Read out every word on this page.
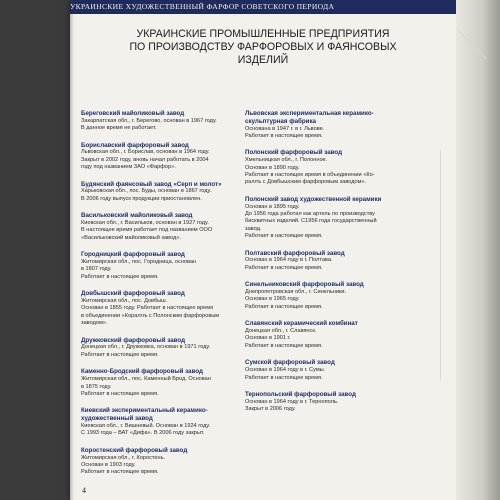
УКРАИНСКИЕ ХУДОЖЕСТВЕННЫЙ ФАРФОР СОВЕТСКОГО ПЕРИОДА
УКРАИНСКИЕ ПРОМЫШЛЕННЫЕ ПРЕДПРИЯТИЯ
ПО ПРОИЗВОДСТВУ ФАРФОРОВЫХ И ФАЯНСОВЫХ
ИЗДЕЛИЙ
Береговский майоликовый завод
Закарпатская обл., г. Берегово, основан в 1967 году.
В данное время не работает.
Бориславский фарфоровый завод
Львовская обл., г. Борислав, основан в 1964 году.
Закрыт в 2002 году, вновь начал работать в 2004
году под названием ЗАО «Фарфор».
Будянский фаянсовый завод «Серп и молот»
Харьковская обл., пос. Буды, основан в 1867 году.
В 2006 году выпуск продукции приостановлен.
Васильковский майоликовый завод
Киевская обл., г. Васильков, основан в 1927 году.
В настоящее время работает под названием ООО
«Васильковский майоликовый завод».
Городницкий фарфоровый завод
Житомирская обл., пос. Городница, основан
в 1807 году.
Работает в настоящее время.
Довбышский фарфоровый завод
Житомирская обл., пос. Довбыш.
Основан в 1855 году. Работает в настоящее время
в объединении «Кораллъ с Полонским фарфоровым
заводом».
Дружковский фарфоровый завод
Донецкая обл., г. Дружковка, основан в 1971 году.
Работает в настоящее время.
Каменно-Бродский фарфоровый завод
Житомирская обл., пос. Каменный Брод. Основан
в 1875 году.
Работает в настоящее время.
Киевский экспериментальный керамико-художественный завод
Киевская обл., г. Вишневый. Основан в 1924 году.
С 1993 года – ВАТ «Дифа». В 2006 году закрыт.
Коростенский фарфоровый завод
Житомирская обл., г. Коростень.
Основан в 1903 году.
Работает в настоящее время.
Львовская экспериментальная керамико-скульптурная фабрика
Основана в 1947 г. в г. Львове.
Работает в настоящее время.
Полонский фарфоровый завод
Хмельницкая обл., г. Полонное.
Основан в 1890 году.
Работает в настоящее время в объединении «Ко-
раллъ с Довбышским фарфоровым заводом».
Полонский завод художественной керамики
Основан в 1895 году.
До 1956 года работал как артель по производству
бисквитных изделий. С1956 года государственный
завод.
Работает в настоящее время.
Полтавский фарфоровый завод
Основан в 1964 году в г. Полтава.
Работает в настоящее время.
Синельниковский фарфоровый завод
Днепропетровская обл., г. Синельники.
Основан в 1965 году.
Работает в настоящее время.
Славянский керамический комбинат
Донецкая обл., г. Славянск.
Основан в 1901 г.
Работает в настоящее время.
Сумской фарфоровый завод
Основан в 1964 году в г. Сумы.
Работает в настоящее время.
Тернопольский фарфоровый завод
Основан в 1964 году в г. Тернополь.
Закрыт в 2006 году.
4
